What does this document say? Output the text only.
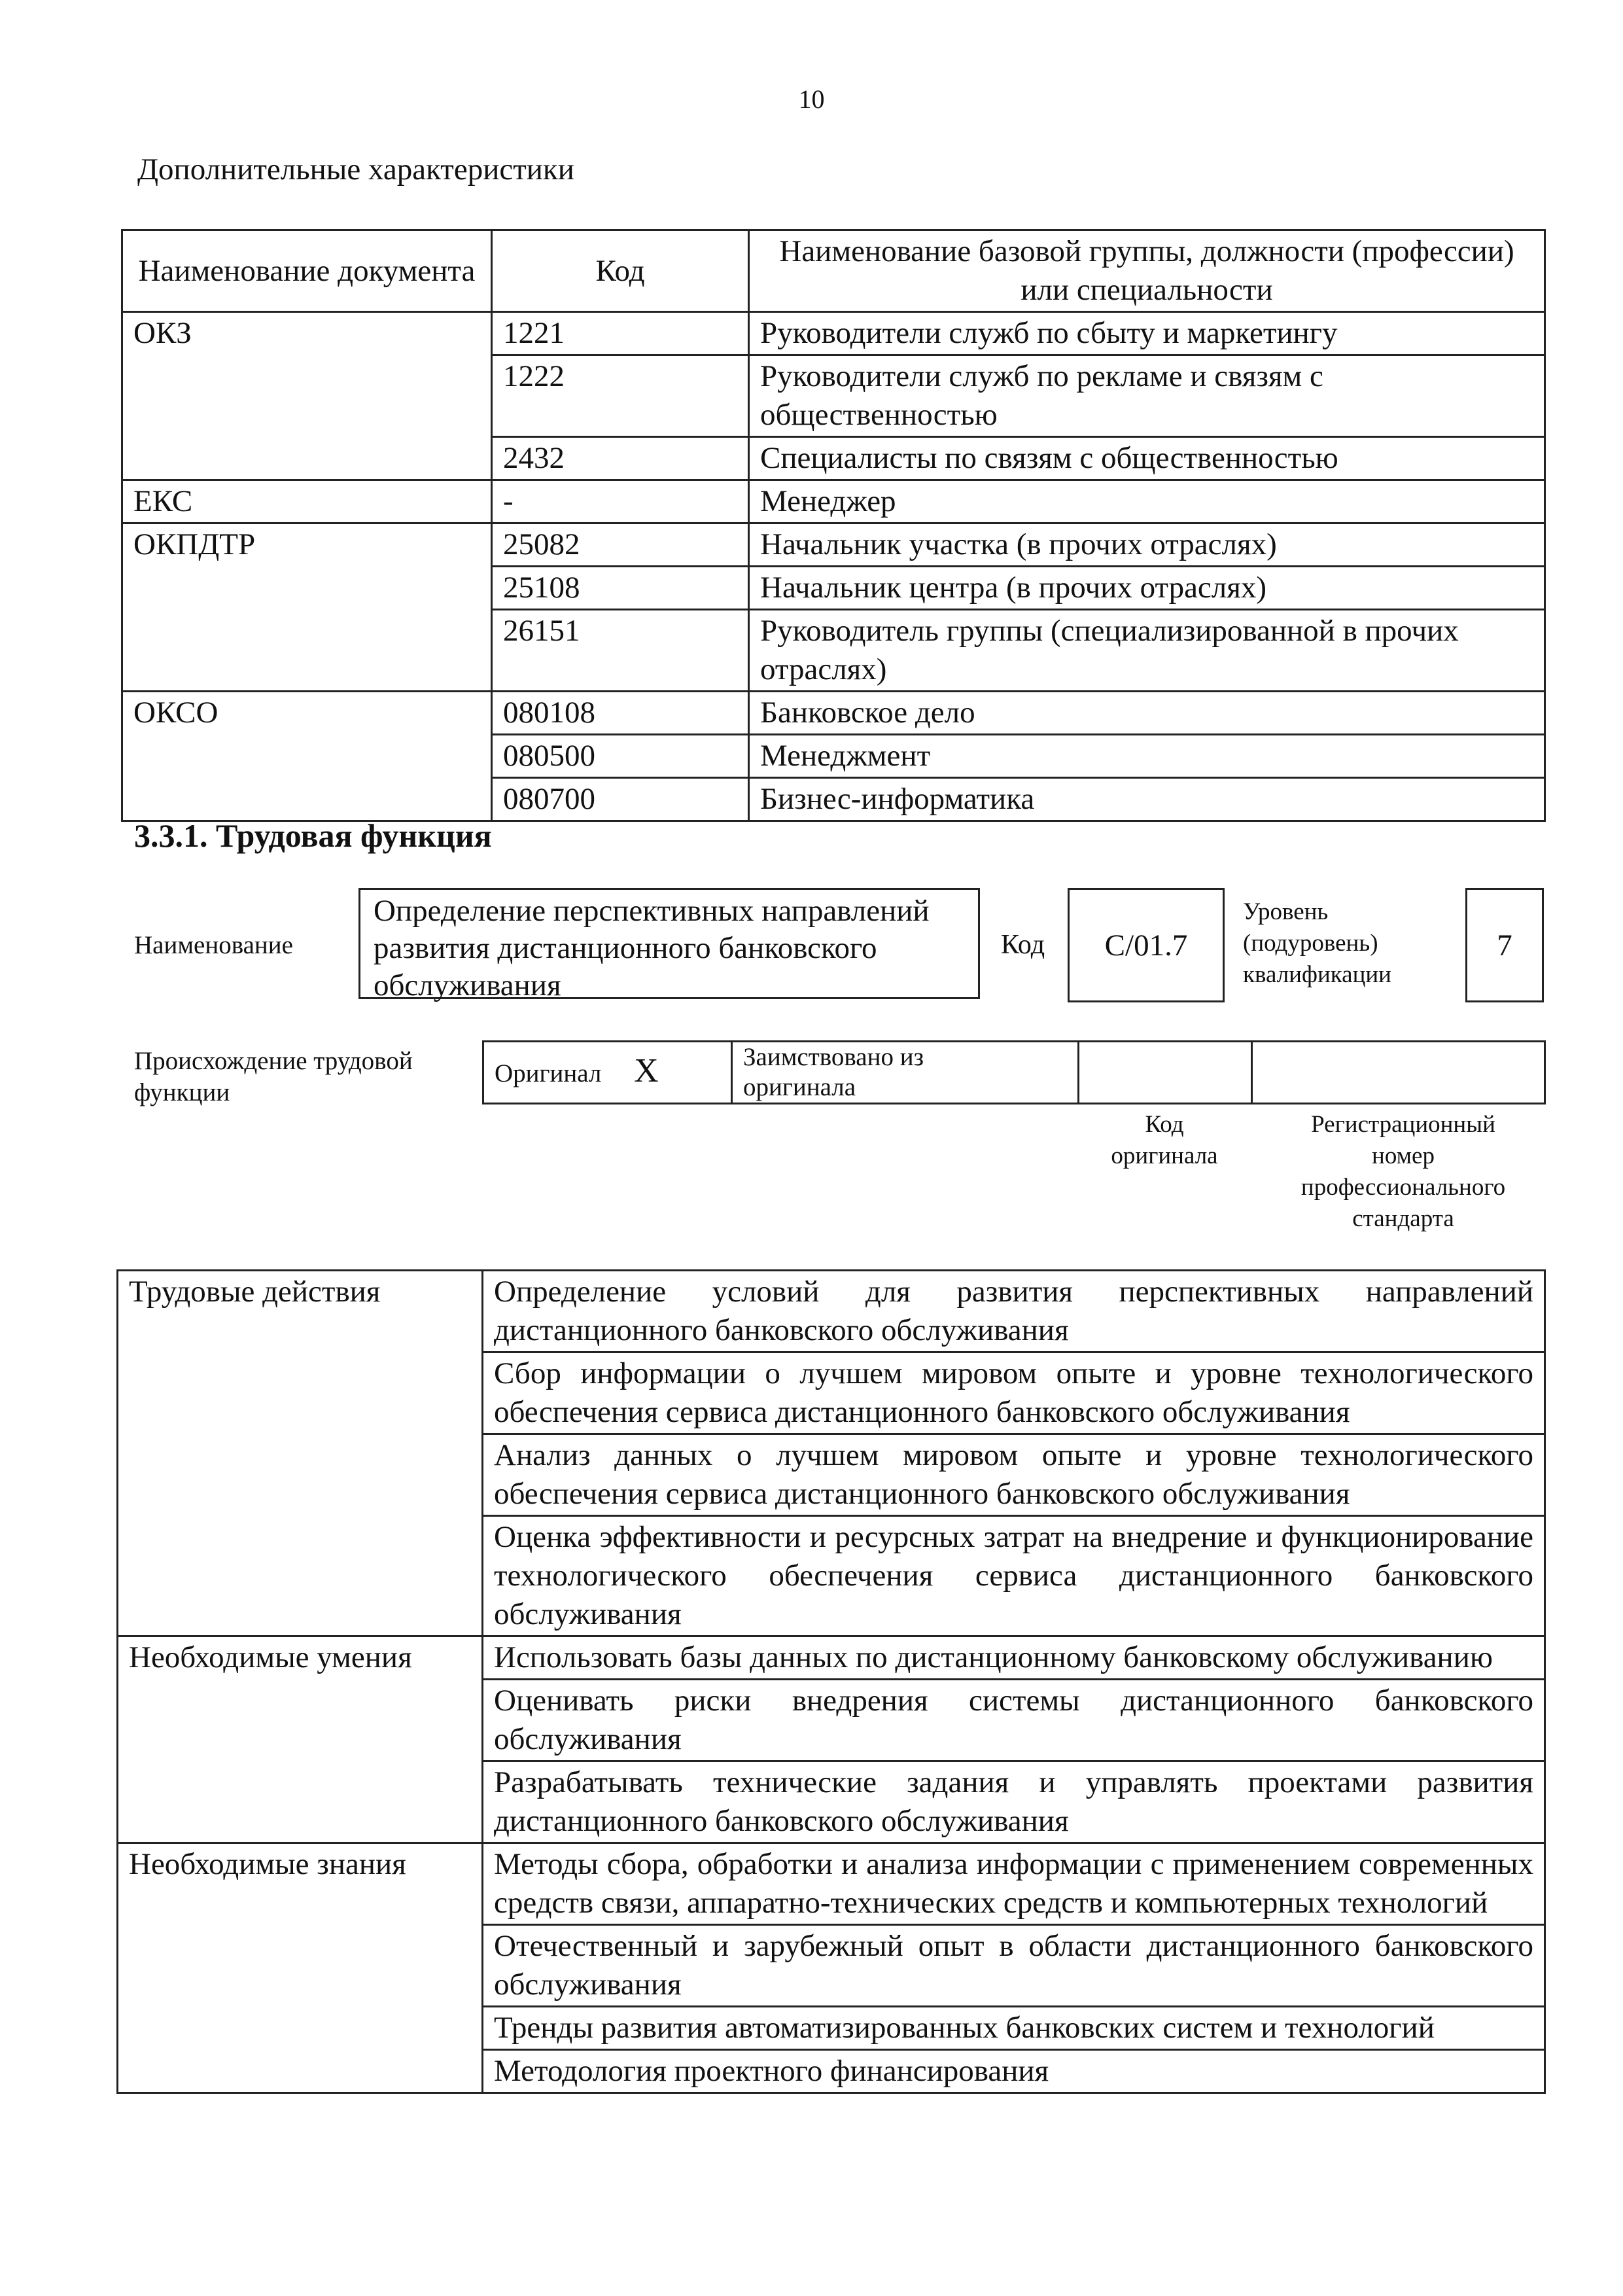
10
Дополнительные характеристики
Наименование документа	Код	Наименование базовой группы, должности (профессии) или специальности
ОКЗ	1221	Руководители служб по сбыту и маркетингу
	1222	Руководители служб по рекламе и связям с общественностью
	2432	Специалисты по связям с общественностью
ЕКС	-	Менеджер
ОКПДТР	25082	Начальник участка (в прочих отраслях)
	25108	Начальник центра (в прочих отраслях)
	26151	Руководитель группы (специализированной в прочих отраслях)
ОКСО	080108	Банковское дело
	080500	Менеджмент
	080700	Бизнес-информатика
3.3.1. Трудовая функция
Наименование
Определение перспективных направлений развития дистанционного банковского обслуживания
Код	C/01.7
Уровень
(подуровень)
квалификации
7
Происхождение трудовой
функции
Оригинал X	Заимствовано из
оригинала

Код
оригинала
Регистрационный
номер
профессионального
стандарта
Трудовые действия	Определение условий для развития перспективных направлений дистанционного банковского обслуживания
	Сбор информации о лучшем мировом опыте и уровне технологического обеспечения сервиса дистанционного банковского обслуживания
	Анализ данных о лучшем мировом опыте и уровне технологического обеспечения сервиса дистанционного банковского обслуживания
	Оценка эффективности и ресурсных затрат на внедрение и функционирование технологического обеспечения сервиса дистанционного банковского обслуживания
Необходимые умения	Использовать базы данных по дистанционному банковскому обслуживанию
	Оценивать риски внедрения системы дистанционного банковского обслуживания
	Разрабатывать технические задания и управлять проектами развития дистанционного банковского обслуживания
Необходимые знания	Методы сбора, обработки и анализа информации с применением современных средств связи, аппаратно-технических средств и компьютерных технологий
	Отечественный и зарубежный опыт в области дистанционного банковского обслуживания
	Тренды развития автоматизированных банковских систем и технологий
	Методология проектного финансирования
